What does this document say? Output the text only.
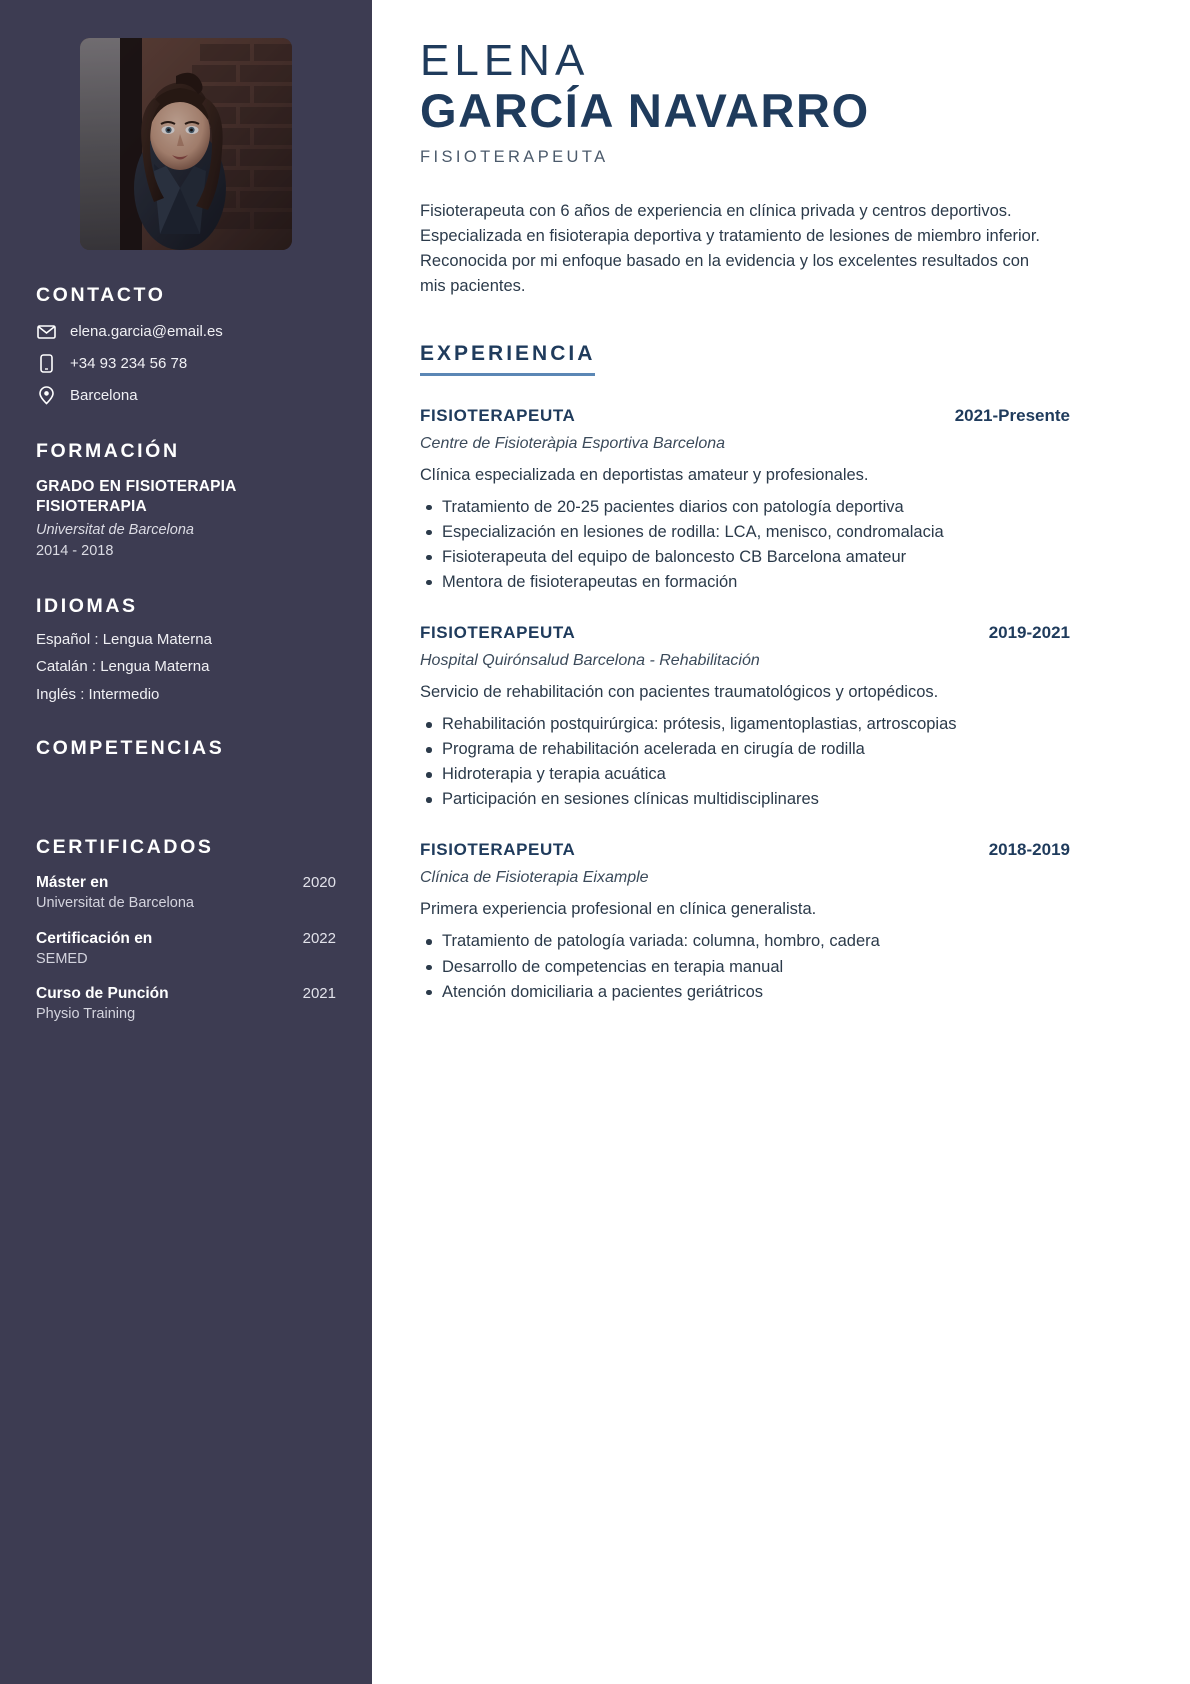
CONTACTO
elena.garcia@email.es
+34 93 234 56 78
Barcelona
FORMACIÓN
GRADO EN FISIOTERAPIA FISIOTERAPIA
Universitat de Barcelona
2014 - 2018
IDIOMAS
Español : Lengua Materna
Catalán : Lengua Materna
Inglés : Intermedio
COMPETENCIAS
CERTIFICADOS
Máster en	2020
Universitat de Barcelona
Certificación en	2022
SEMED
Curso de Punción	2021
Physio Training
ELENA
GARCÍA NAVARRO
FISIOTERAPEUTA

Fisioterapeuta con 6 años de experiencia en clínica privada y centros deportivos. Especializada en fisioterapia deportiva y tratamiento de lesiones de miembro inferior. Reconocida por mi enfoque basado en la evidencia y los excelentes resultados con mis pacientes.

EXPERIENCIA
FISIOTERAPEUTA	2021-Presente
Centre de Fisioteràpia Esportiva Barcelona
Clínica especializada en deportistas amateur y profesionales.
Tratamiento de 20-25 pacientes diarios con patología deportiva
Especialización en lesiones de rodilla: LCA, menisco, condromalacia
Fisioterapeuta del equipo de baloncesto CB Barcelona amateur
Mentora de fisioterapeutas en formación
FISIOTERAPEUTA	2019-2021
Hospital Quirónsalud Barcelona - Rehabilitación
Servicio de rehabilitación con pacientes traumatológicos y ortopédicos.
Rehabilitación postquirúrgica: prótesis, ligamentoplastias, artroscopias
Programa de rehabilitación acelerada en cirugía de rodilla
Hidroterapia y terapia acuática
Participación en sesiones clínicas multidisciplinares
FISIOTERAPEUTA	2018-2019
Clínica de Fisioterapia Eixample
Primera experiencia profesional en clínica generalista.
Tratamiento de patología variada: columna, hombro, cadera
Desarrollo de competencias en terapia manual
Atención domiciliaria a pacientes geriátricos
